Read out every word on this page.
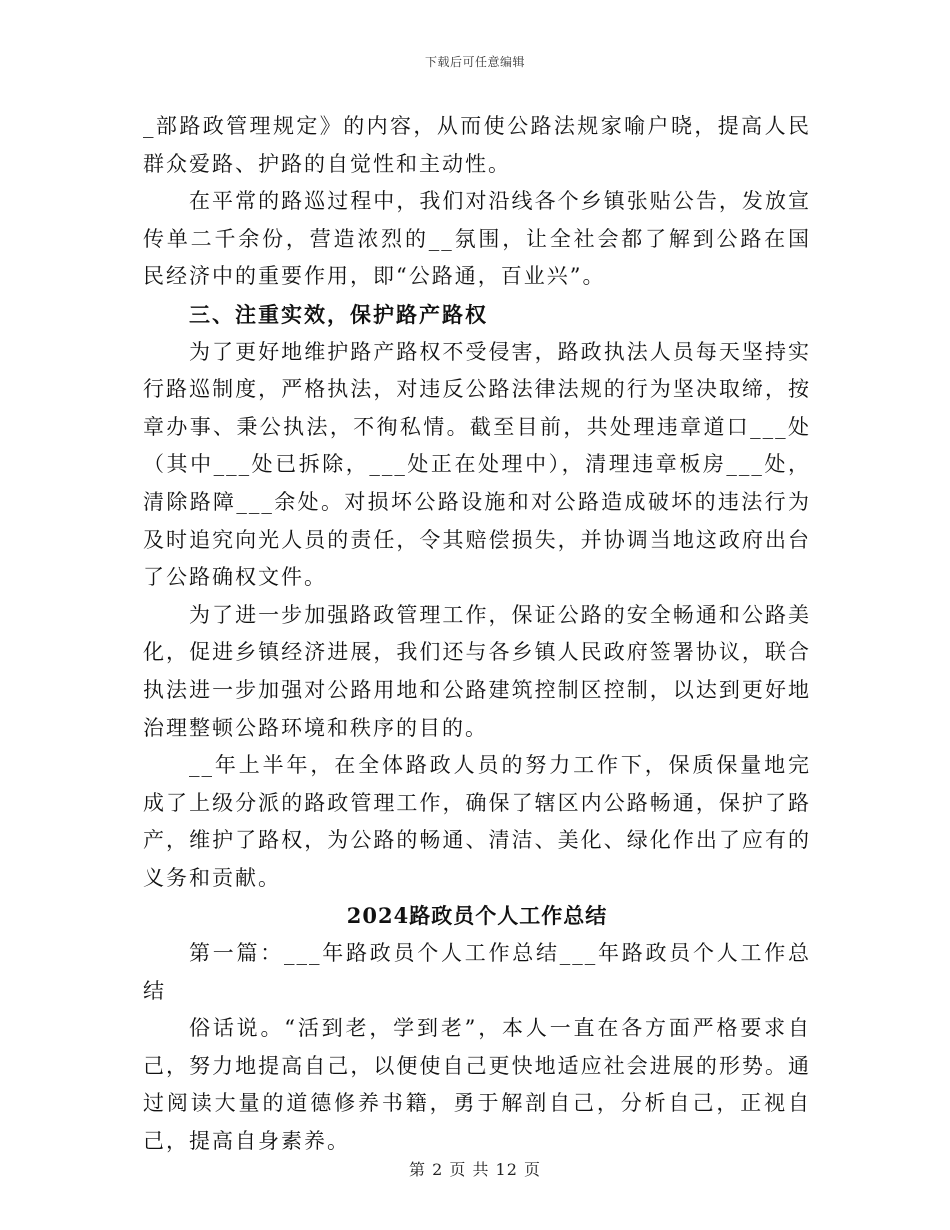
下载后可任意编辑

_部路政管理规定》的内容，从而使公路法规家喻户晓，提高人民群众爱路、护路的自觉性和主动性。

在平常的路巡过程中，我们对沿线各个乡镇张贴公告，发放宣传单二千余份，营造浓烈的__氛围，让全社会都了解到公路在国民经济中的重要作用，即“公路通，百业兴”。

三、注重实效，保护路产路权

为了更好地维护路产路权不受侵害，路政执法人员每天坚持实行路巡制度，严格执法，对违反公路法律法规的行为坚决取缔，按章办事、秉公执法，不徇私情。截至目前，共处理违章道口___处（其中___处已拆除，___处正在处理中），清理违章板房___处，清除路障___余处。对损坏公路设施和对公路造成破坏的违法行为及时追究向光人员的责任，令其赔偿损失，并协调当地这政府出台了公路确权文件。

为了进一步加强路政管理工作，保证公路的安全畅通和公路美化，促进乡镇经济进展，我们还与各乡镇人民政府签署协议，联合执法进一步加强对公路用地和公路建筑控制区控制，以达到更好地治理整顿公路环境和秩序的目的。

__年上半年，在全体路政人员的努力工作下，保质保量地完成了上级分派的路政管理工作，确保了辖区内公路畅通，保护了路产，维护了路权，为公路的畅通、清洁、美化、绿化作出了应有的义务和贡献。

2024路政员个人工作总结

第一篇：___年路政员个人工作总结___年路政员个人工作总结

俗话说。“活到老，学到老”，本人一直在各方面严格要求自己，努力地提高自己，以便使自己更快地适应社会进展的形势。通过阅读大量的道德修养书籍，勇于解剖自己，分析自己，正视自己，提高自身素养。

第 2 页 共 12 页
